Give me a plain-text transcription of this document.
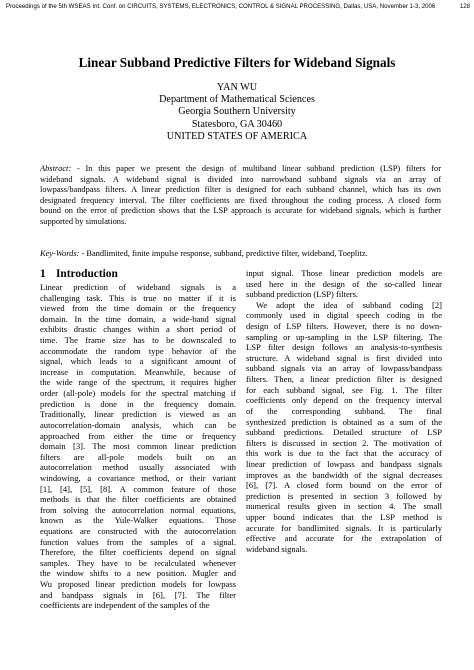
Proceedings of the 5th WSEAS Int. Conf. on CIRCUITS, SYSTEMS, ELECTRONICS, CONTROL & SIGNAL PROCESSING, Dallas, USA, November 1-3, 2006	128
Linear Subband Predictive Filters for Wideband Signals
YAN WU
Department of Mathematical Sciences
Georgia Southern University
Statesboro, GA 30460
UNITED STATES OF AMERICA
Abstract: - In this paper we present the design of multiband linear subband prediction (LSP) filters for
wideband signals. A wideband signal is divided into narrowband subband signals via an array of
lowpass/bandpass filters. A linear prediction filter is designed for each subband channel, which has its own
designated frequency interval. The filter coefficients are fixed throughout the coding process. A closed form
bound on the error of prediction shows that the LSP approach is accurate for wideband signals, which is further
supported by simulations.
Key-Words: - Bandlimited, finite impulse response, subband, predictive filter, wideband, Toeplitz.
1 Introduction
Linear prediction of wideband signals is a
challenging task. This is true no matter if it is
viewed from the time domain or the frequency
domain. In the time domain, a wide-band signal
exhibits drastic changes within a short period of
time. The frame size has to be downscaled to
accommodate the random type behavior of the
signal, which leads to a significant amount of
increase in computation. Meanwhile, because of
the wide range of the spectrum, it requires higher
order (all-pole) models for the spectral matching if
prediction is done in the frequency domain.
Traditionally, linear prediction is viewed as an
autocorrelation-domain analysis, which can be
approached from either the time or frequency
domain [3]. The most common linear prediction
filters are all-pole models built on an
autocorrelation method usually associated with
windowing, a covariance method, or their variant
[1], [4], [5], [8]. A common feature of those
methods is that the filter coefficients are obtained
from solving the autocorrelation normal equations,
known as the Yule-Walker equations. Those
equations are constructed with the autocorrelation
function values from the samples of a signal.
Therefore, the filter coefficients depend on signal
samples. They have to be recalculated whenever
the window shifts to a new position. Mugler and
Wu proposed linear prediction models for lowpass
and bandpass signals in [6], [7]. The filter
coefficients are independent of the samples of the
input signal. Those linear prediction models are
used here in the design of the so-called linear
subband prediction (LSP) filters.
We adopt the idea of subband coding [2]
commonly used in digital speech coding in the
design of LSP filters. However, there is no down-
sampling or up-sampling in the LSP filtering. The
LSP filter design follows an analysis-to-synthesis
structure. A wideband signal is first divided into
subband signals via an array of lowpass/bandpass
filters. Then, a linear prediction filter is designed
for each subband signal, see Fig. 1. The filter
coefficients only depend on the frequency interval
of the corresponding subband. The final
synthesized prediction is obtained as a sum of the
subband predictions. Detailed structure of LSP
filters is discussed in section 2. The motivation of
this work is due to the fact that the accuracy of
linear prediction of lowpass and bandpass signals
improves as the bandwidth of the signal decreases
[6], [7]. A closed form bound on the error of
prediction is presented in section 3 followed by
numerical results given in section 4. The small
upper bound indicates that the LSP method is
accurate for bandlimited signals. It is particularly
effective and accurate for the extrapolation of
wideband signals.
